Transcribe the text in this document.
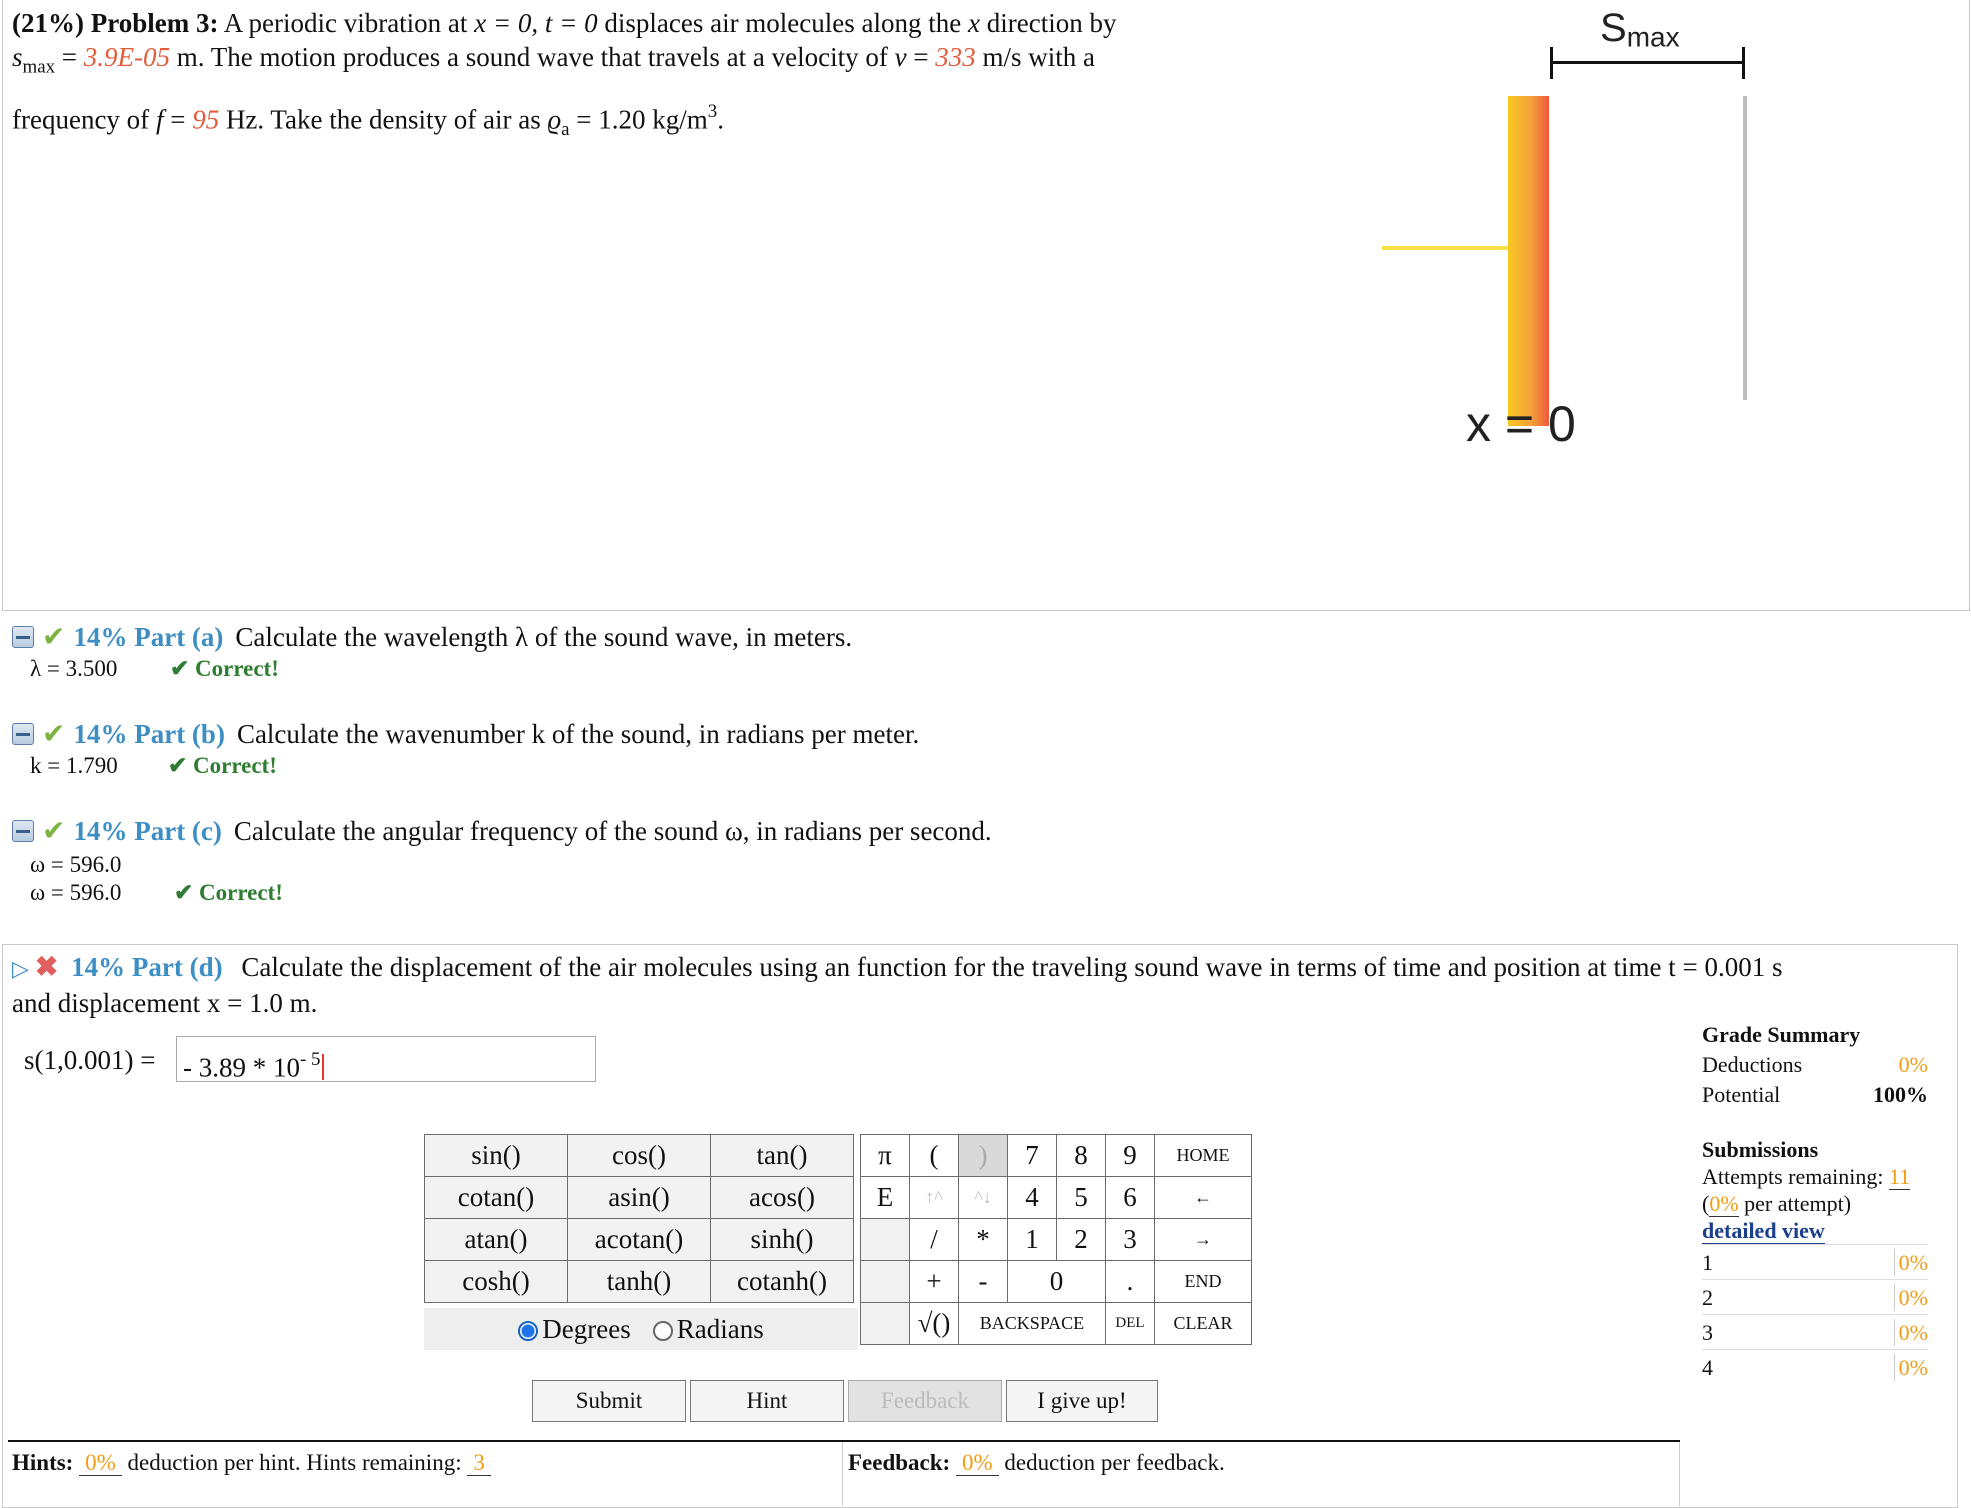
(21%) Problem 3: A periodic vibration at x = 0, t = 0 displaces air molecules along the x direction by
$s_{max} = 3.9E-05$ m. The motion produces a sound wave that travels at a velocity of v = 333 m/s with a
frequency of f = 95 Hz. Take the density of air as $ϱ_a = 1.20$ $kg/m^3$.
$S_{max}$
x = 0
✔ 14% Part (a) Calculate the wavelength λ of the sound wave, in meters.
λ = 3.500 ✔ Correct!
✔ 14% Part (b) Calculate the wavenumber k of the sound, in radians per meter.
k = 1.790 ✔ Correct!
✔ 14% Part (c) Calculate the angular frequency of the sound ω, in radians per second.
ω = 596.0
ω = 596.0 ✔ Correct!
▷ ✖ 14% Part (d) Calculate the displacement of the air molecules using an function for the traveling sound wave in terms of time and position at time t = 0.001 s
and displacement x = 1.0 m.
s(1,0.001) = - $3.89 * 10^{- 5}$
sin()	cos()	tan()
cotan()	asin()	acos()
atan()	acotan()	sinh()
cosh()	tanh()	cotanh()
Degrees	Radians
π	(	)	7	8	9	HOME
E	↑^	^↓	4	5	6	←
	/	*	1	2	3	→
	+	-	0		.	END
	√()	BACKSPACE			DEL	CLEAR
Submit	Hint	Feedback	I give up!
Hints: 0% deduction per hint. Hints remaining: 3	Feedback: 0% deduction per feedback.
Grade Summary
Deductions	0%
Potential	100%
Submissions
Attempts remaining: 11
(0% per attempt)
detailed view
1	0%
2	0%
3	0%
4	0%
